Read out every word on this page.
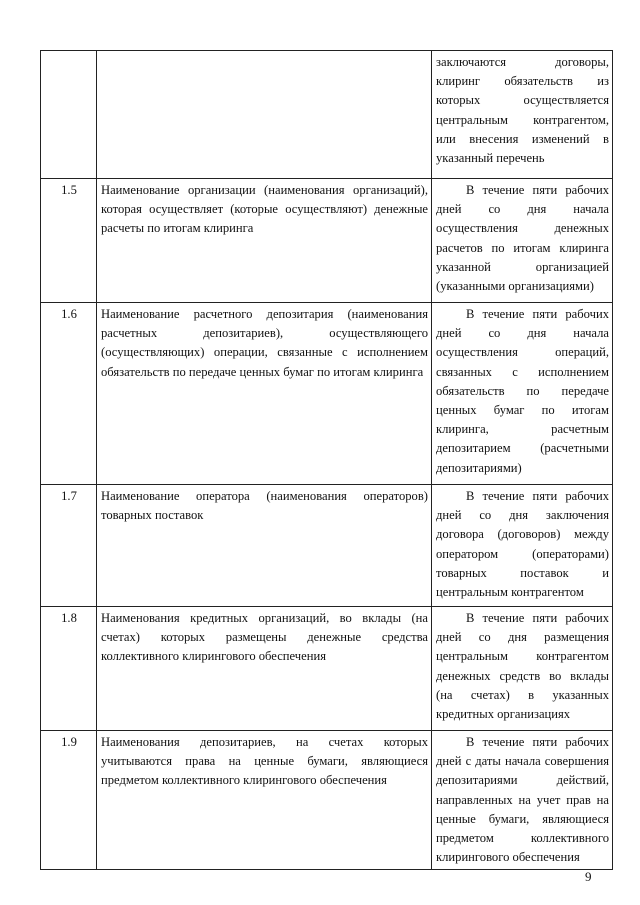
		заключаются договоры, клиринг обязательств из которых осуществляется центральным контрагентом, или внесения изменений в указанный перечень

1.5	Наименование организации (наименования организаций), которая осуществляет (которые осуществляют) денежные расчеты по итогам клиринга	В течение пяти рабочих дней со дня начала осуществления денежных расчетов по итогам клиринга указанной организацией (указанными организациями)

1.6	Наименование расчетного депозитария (наименования расчетных депозитариев), осуществляющего (осуществляющих) операции, связанные с исполнением обязательств по передаче ценных бумаг по итогам клиринга	В течение пяти рабочих дней со дня начала осуществления операций, связанных с исполнением обязательств по передаче ценных бумаг по итогам клиринга, расчетным депозитарием (расчетными депозитариями)

1.7	Наименование оператора (наименования операторов) товарных поставок	В течение пяти рабочих дней со дня заключения договора (договоров) между оператором (операторами) товарных поставок и центральным контрагентом

1.8	Наименования кредитных организаций, во вклады (на счетах) которых размещены денежные средства коллективного клирингового обеспечения	В течение пяти рабочих дней со дня размещения центральным контрагентом денежных средств во вклады (на счетах) в указанных кредитных организациях

1.9	Наименования депозитариев, на счетах которых учитываются права на ценные бумаги, являющиеся предметом коллективного клирингового обеспечения	В течение пяти рабочих дней с даты начала совершения депозитариями действий, направленных на учет прав на ценные бумаги, являющиеся предметом коллективного клирингового обеспечения
9
